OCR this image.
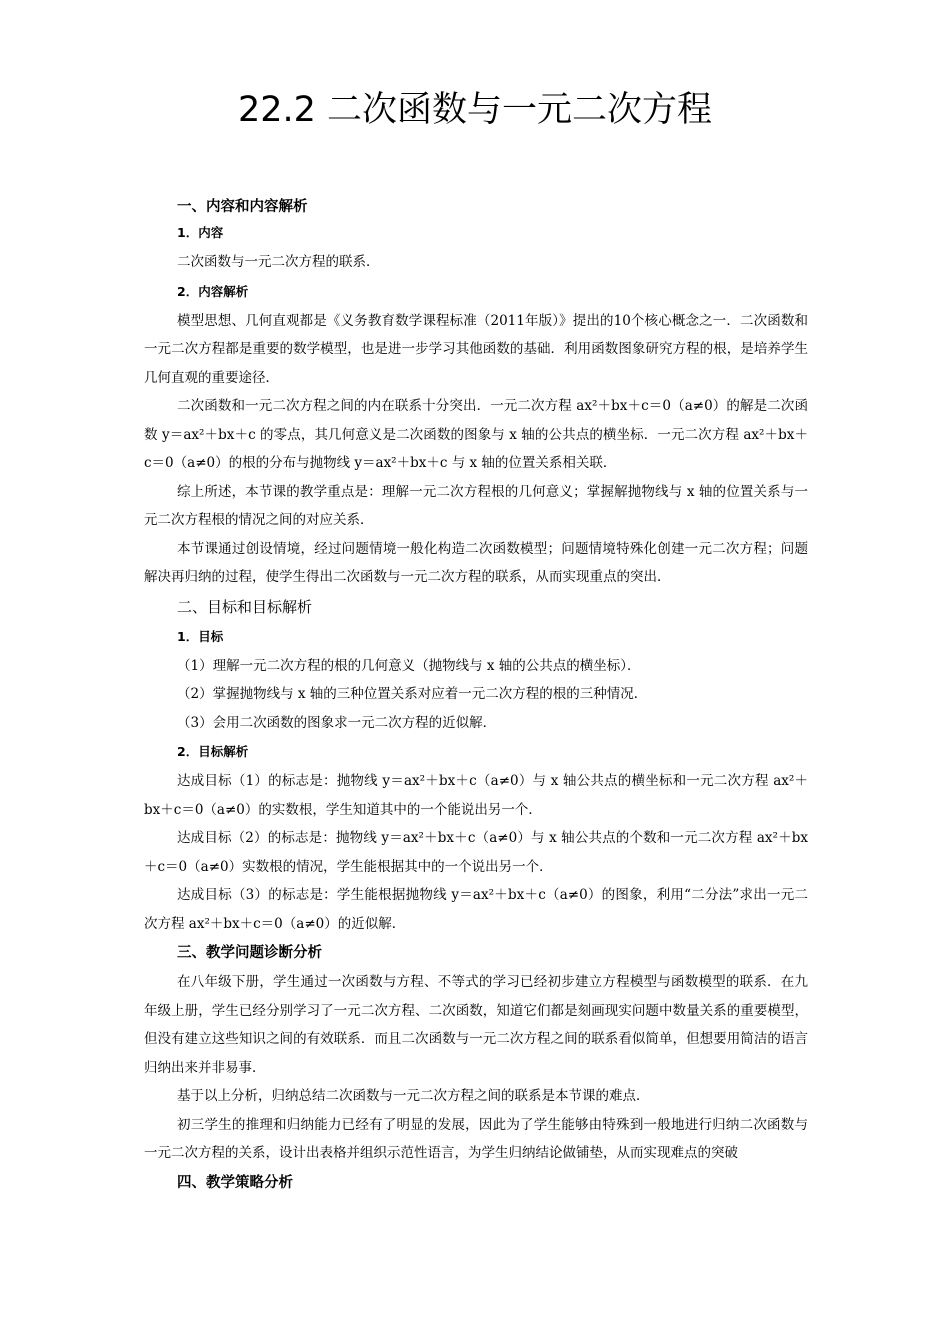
22.2 二次函数与一元二次方程
一、内容和内容解析
1．内容

二次函数与一元二次方程的联系．

2．内容解析

模型思想、几何直观都是《义务教育数学课程标准（2011年版）》提出的10个核心概念之一．二次函数和一元二次方程都是重要的数学模型，也是进一步学习其他函数的基础．利用函数图象研究方程的根，是培养学生几何直观的重要途径．

二次函数和一元二次方程之间的内在联系十分突出．一元二次方程 ax²＋bx＋c＝0（a≠0）的解是二次函数 y＝ax²＋bx＋c 的零点，其几何意义是二次函数的图象与 x 轴的公共点的横坐标．一元二次方程 ax²＋bx＋c＝0（a≠0）的根的分布与抛物线 y＝ax²＋bx＋c 与 x 轴的位置关系相关联．

综上所述，本节课的教学重点是：理解一元二次方程根的几何意义；掌握解抛物线与 x 轴的位置关系与一元二次方程根的情况之间的对应关系．

本节课通过创设情境，经过问题情境一般化构造二次函数模型；问题情境特殊化创建一元二次方程；问题解决再归纳的过程，使学生得出二次函数与一元二次方程的联系，从而实现重点的突出．

二、目标和目标解析
1．目标

（1）理解一元二次方程的根的几何意义（抛物线与 x 轴的公共点的横坐标）．

（2）掌握抛物线与 x 轴的三种位置关系对应着一元二次方程的根的三种情况．

（3）会用二次函数的图象求一元二次方程的近似解．

2．目标解析

达成目标（1）的标志是：抛物线 y＝ax²＋bx＋c（a≠0）与 x 轴公共点的横坐标和一元二次方程 ax²＋bx＋c＝0（a≠0）的实数根，学生知道其中的一个能说出另一个．

达成目标（2）的标志是：抛物线 y＝ax²＋bx＋c（a≠0）与 x 轴公共点的个数和一元二次方程 ax²＋bx＋c＝0（a≠0）实数根的情况，学生能根据其中的一个说出另一个．

达成目标（3）的标志是：学生能根据抛物线 y＝ax²＋bx＋c（a≠0）的图象，利用“二分法”求出一元二次方程 ax²＋bx＋c＝0（a≠0）的近似解．

三、教学问题诊断分析

在八年级下册，学生通过一次函数与方程、不等式的学习已经初步建立方程模型与函数模型的联系．在九年级上册，学生已经分别学习了一元二次方程、二次函数，知道它们都是刻画现实问题中数量关系的重要模型，但没有建立这些知识之间的有效联系．而且二次函数与一元二次方程之间的联系看似简单，但想要用简洁的语言归纳出来并非易事．

基于以上分析，归纳总结二次函数与一元二次方程之间的联系是本节课的难点．

初三学生的推理和归纳能力已经有了明显的发展，因此为了学生能够由特殊到一般地进行归纳二次函数与一元二次方程的关系，设计出表格并组织示范性语言，为学生归纳结论做铺垫，从而实现难点的突破

四、教学策略分析
